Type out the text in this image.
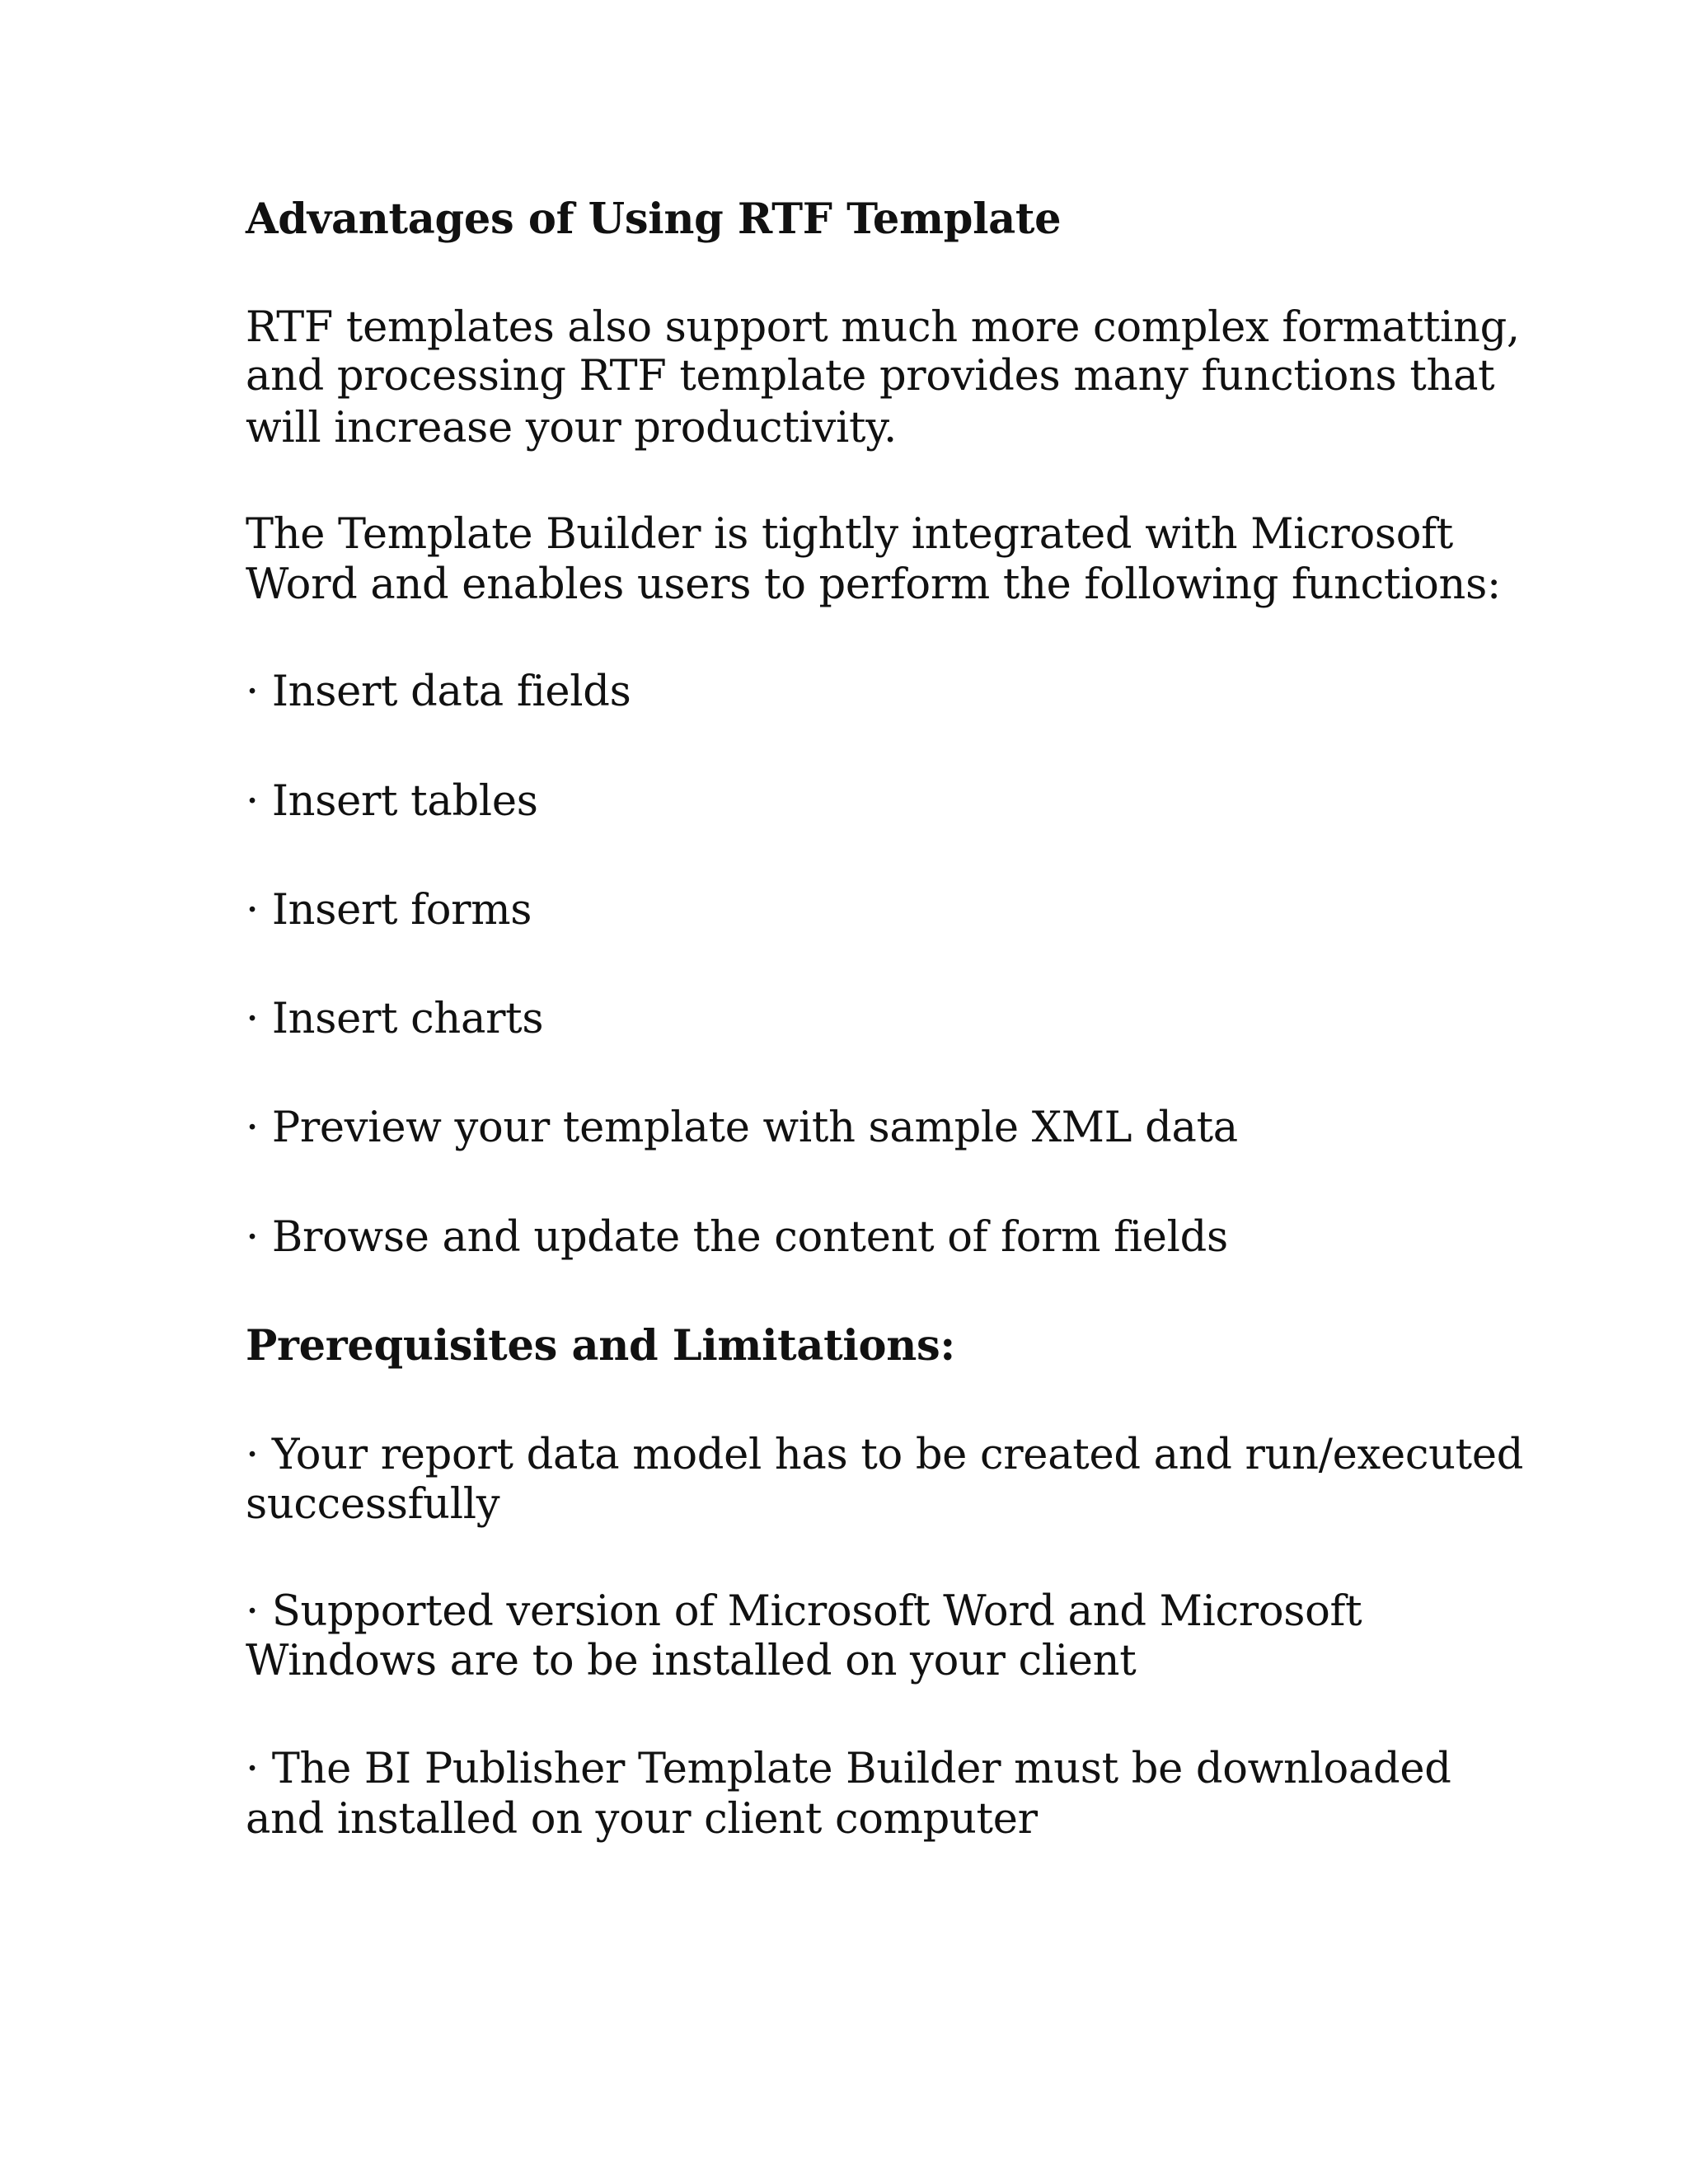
Advantages of Using RTF Template
RTF templates also support much more complex formatting,
and processing RTF template provides many functions that
will increase your productivity.
The Template Builder is tightly integrated with Microsoft
Word and enables users to perform the following functions:
· Insert data fields
· Insert tables
· Insert forms
· Insert charts
· Preview your template with sample XML data
· Browse and update the content of form fields
Prerequisites and Limitations:
· Your report data model has to be created and run/executed
successfully
· Supported version of Microsoft Word and Microsoft
Windows are to be installed on your client
· The BI Publisher Template Builder must be downloaded
and installed on your client computer
